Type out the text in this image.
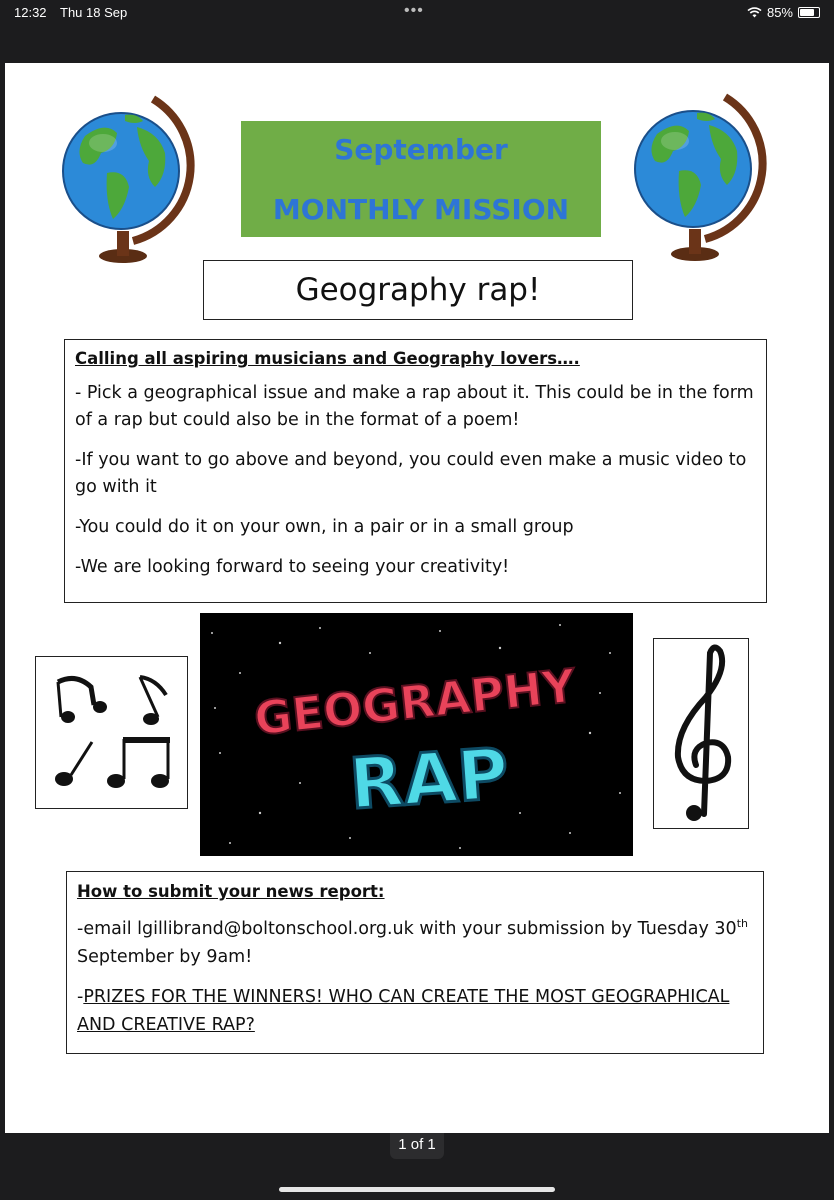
12:32 Thu 18 Sep	•••	85%
September
MONTHLY MISSION
Geography rap!
Calling all aspiring musicians and Geography lovers….

- Pick a geographical issue and make a rap about it. This could be in the form of a rap but could also be in the format of a poem!

-If you want to go above and beyond, you could even make a music video to go with it

-You could do it on your own, in a pair or in a small group

-We are looking forward to seeing your creativity!

GEOGRAPHY
RAP
How to submit your news report:

-email lgillibrand@boltonschool.org.uk with your submission by Tuesday 30th September by 9am!

-PRIZES FOR THE WINNERS! WHO CAN CREATE THE MOST GEOGRAPHICAL AND CREATIVE RAP?

1 of 1
